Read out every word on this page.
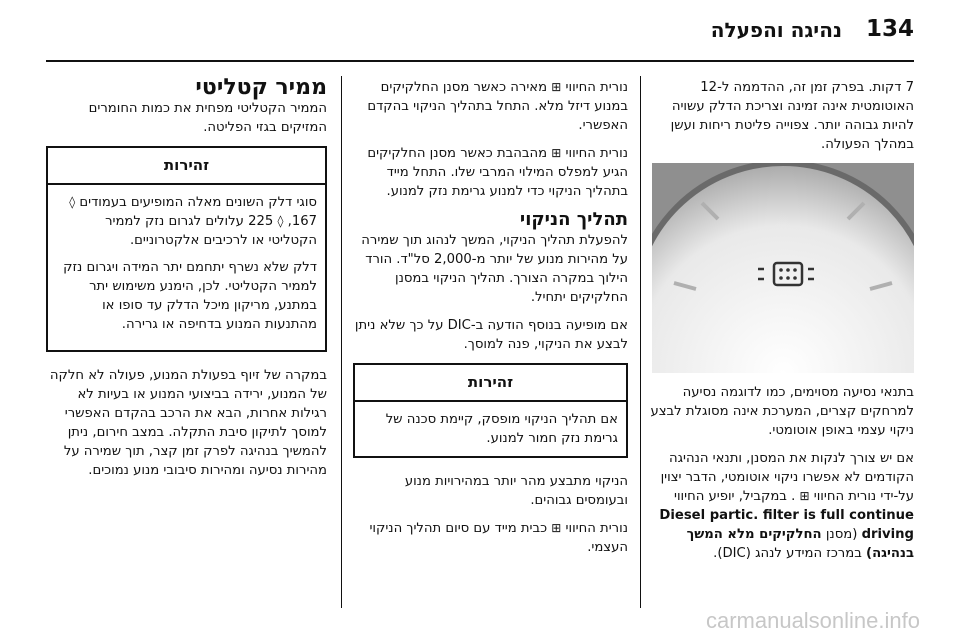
134
נהיגה והפעלה

7 דקות. בפרק זמן זה, ההדממה ל-12 האוטומטית אינה זמינה וצריכת הדלק עשויה להיות גבוהה יותר. צפוייה פליטת ריחות ועשן במהלך הפעולה.

בתנאי נסיעה מסוימים, כמו לדוגמה נסיעה למרחקים קצרים, המערכת אינה מסוגלת לבצע ניקוי עצמי באופן אוטומטי.

אם יש צורך לנקות את המסנן, ותנאי הנהיגה הקודמים לא אפשרו ניקוי אוטומטי, הדבר יצוין על-ידי נורית החיווי ⊞ . במקביל, יופיע החיווי Diesel partic. filter is full continue driving (מסנן החלקיקים מלא המשך בנהיגה) במרכז המידע לנהג (DIC).

נורית החיווי ⊞ מאירה כאשר מסנן החלקיקים במנוע דיזל מלא. התחל בתהליך הניקוי בהקדם האפשרי.

נורית החיווי ⊞ מהבהבת כאשר מסנן החלקיקים הגיע למפלס המילוי המרבי שלו. התחל מייד בתהליך הניקוי כדי למנוע גרימת נזק למנוע.

תהליך הניקוי

להפעלת תהליך הניקוי, המשך לנהוג תוך שמירה על מהירות מנוע של יותר מ-2,000 סל"ד. הורד הילוך במקרה הצורך. תהליך הניקוי במסנן החלקיקים יתחיל.

אם מופיעה בנוסף הודעה ב-DIC על כך שלא ניתן לבצע את הניקוי, פנה למוסך.

זהירות
אם תהליך הניקוי מופסק, קיימת סכנה של גרימת נזק חמור למנוע.

הניקוי מתבצע מהר יותר במהירויות מנוע ובעומסים גבוהים.

נורית החיווי ⊞ כבית מייד עם סיום תהליך הניקוי העצמי.

ממיר קטליטי

הממיר הקטליטי מפחית את כמות החומרים המזיקים בגזי הפליטה.

זהירות

סוגי דלק השונים מאלה המופיעים בעמודים ◊ 167, ◊ 225 עלולים לגרום נזק לממיר הקטליטי או לרכיבים אלקטרוניים.

דלק שלא נשרף יתחמם יתר המידה ויגרום נזק לממיר הקטליטי. לכן, הימנע משימוש יתר במתנע, מריקון מיכל הדלק עד סופו או מהתנעות המנוע בדחיפה או גרירה.

במקרה של זיוף בפעולת המנוע, פעולה לא חלקה של המנוע, ירידה בביצועי המנוע או בעיות לא רגילות אחרות, הבא את הרכב בהקדם האפשרי למוסך לתיקון סיבת התקלה. במצב חירום, ניתן להמשיך בנהיגה לפרק זמן קצר, תוך שמירה על מהירות נסיעה ומהירות סיבובי מנוע נמוכים.

carmanualsonline.info
